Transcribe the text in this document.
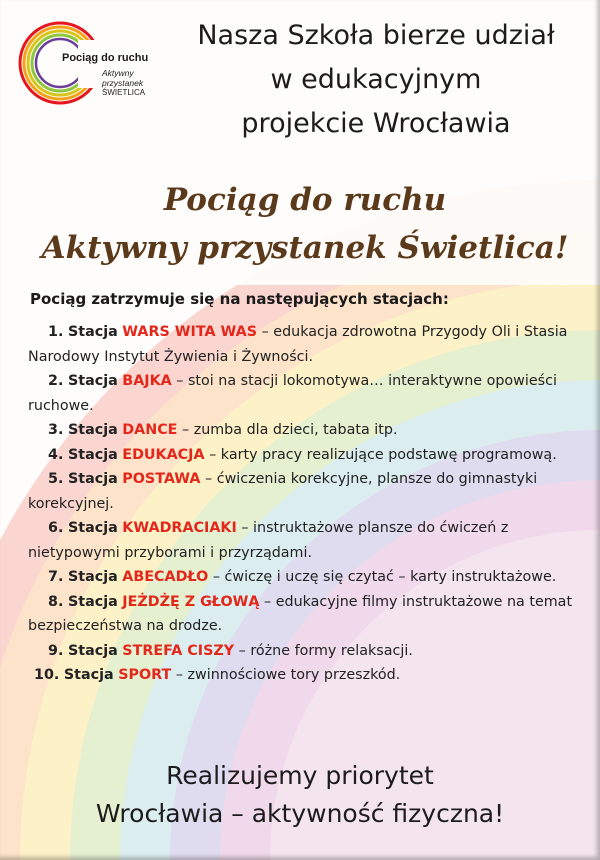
Pociąg do ruchu
Aktywny
przystanek
ŚWIETLICA
Nasza Szkoła bierze udział
w edukacyjnym
projekcie Wrocławia
Pociąg do ruchu
Aktywny przystanek Świetlica!
Pociąg zatrzymuje się na następujących stacjach:

1. Stacja WARS WITA WAS – edukacja zdrowotna Przygody Oli i Stasia Narodowy Instytut Żywienia i Żywności.

2. Stacja BAJKA – stoi na stacji lokomotywa… interaktywne opowieści ruchowe.

3. Stacja DANCE – zumba dla dzieci, tabata itp.

4. Stacja EDUKACJA – karty pracy realizujące podstawę programową.

5. Stacja POSTAWA – ćwiczenia korekcyjne, plansze do gimnastyki korekcyjnej.

6. Stacja KWADRACIAKI – instruktażowe plansze do ćwiczeń z nietypowymi przyborami i przyrządami.

7. Stacja ABECADŁO – ćwiczę i uczę się czytać – karty instruktażowe.

8. Stacja JEŻDŻĘ Z GŁOWĄ – edukacyjne filmy instruktażowe na temat bezpieczeństwa na drodze.

9. Stacja STREFA CISZY – różne formy relaksacji.

10. Stacja SPORT – zwinnościowe tory przeszkód.

Realizujemy priorytet
Wrocławia – aktywność fizyczna!
